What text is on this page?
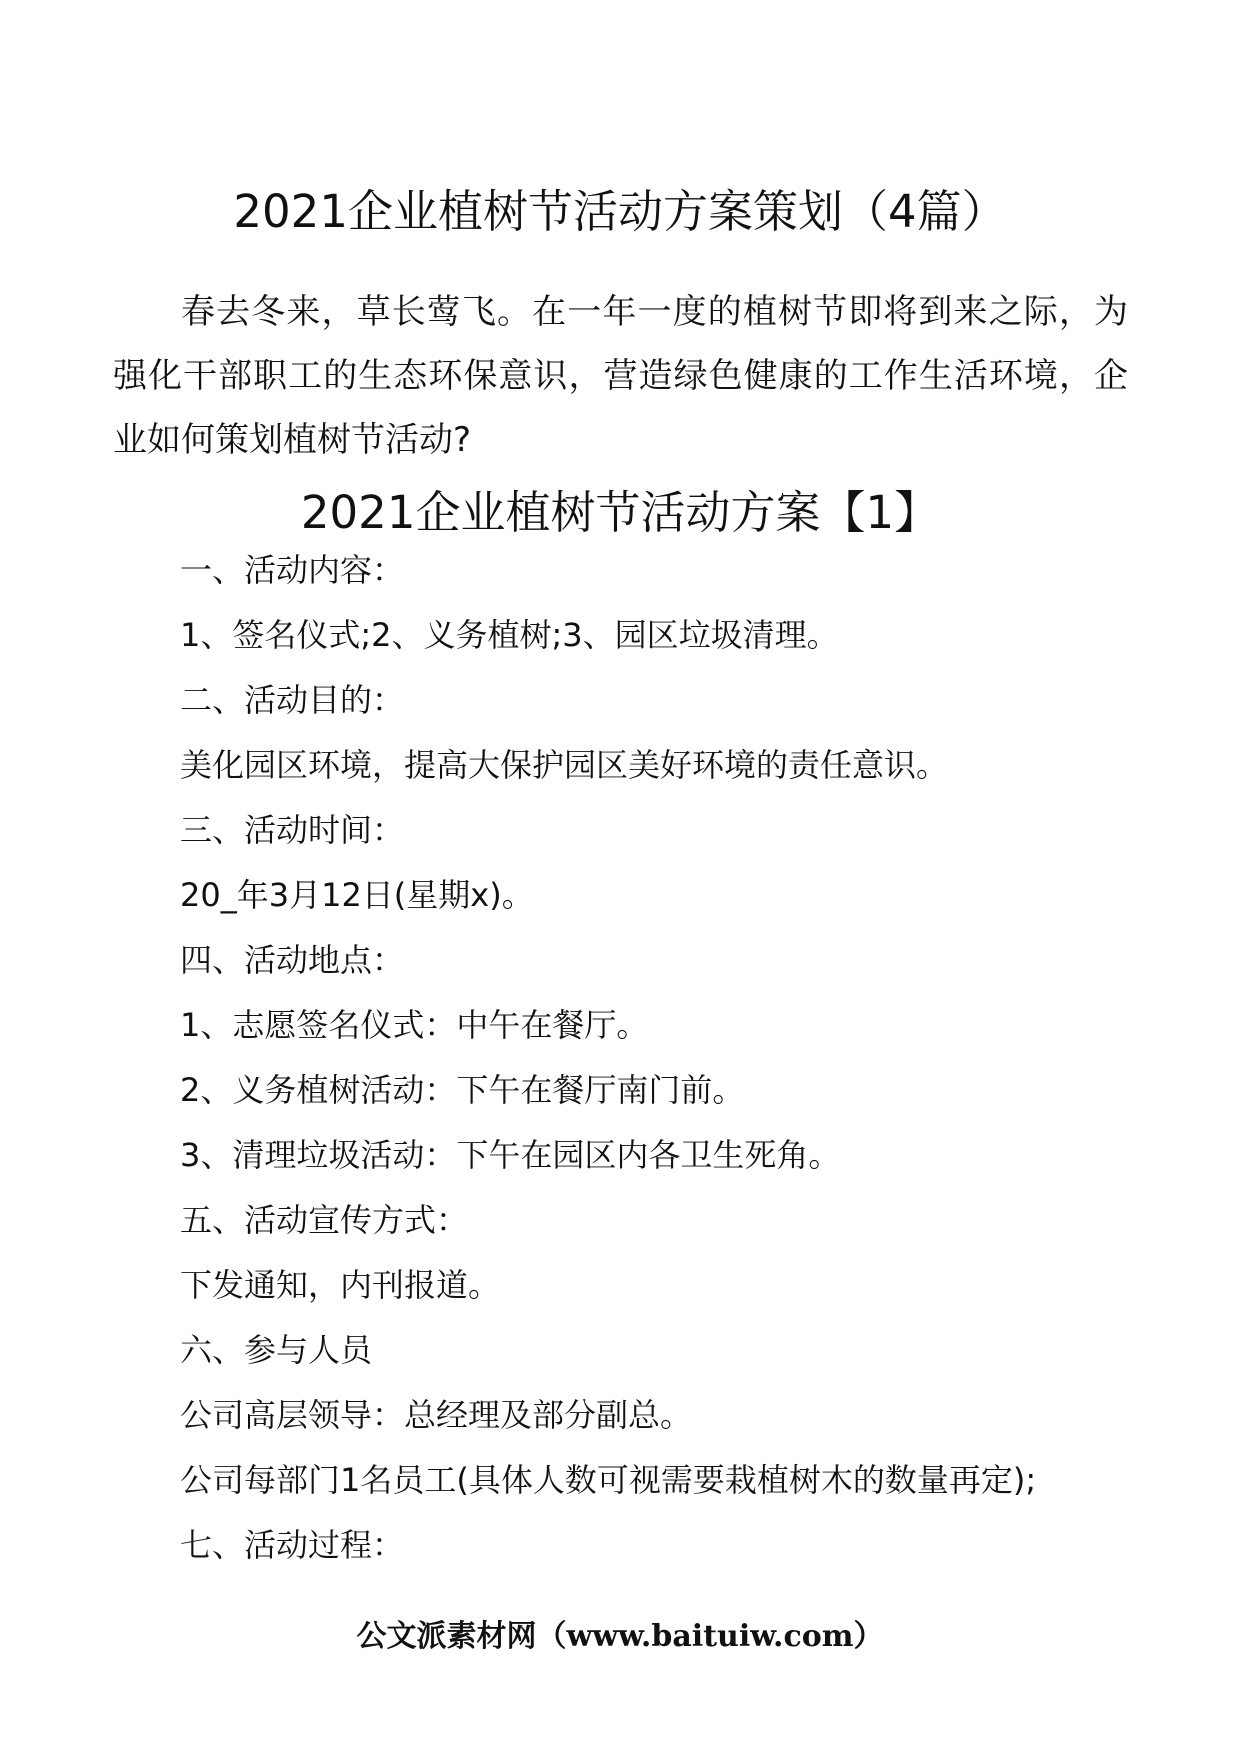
2021企业植树节活动方案策划（4篇）

春去冬来，草长莺飞。在一年一度的植树节即将到来之际，为强化干部职工的生态环保意识，营造绿色健康的工作生活环境，企业如何策划植树节活动?

2021企业植树节活动方案【1】
一、活动内容：
1、签名仪式;2、义务植树;3、园区垃圾清理。
二、活动目的：
美化园区环境，提高大保护园区美好环境的责任意识。
三、活动时间：
20_年3月12日(星期x)。
四、活动地点：
1、志愿签名仪式：中午在餐厅。
2、义务植树活动：下午在餐厅南门前。
3、清理垃圾活动：下午在园区内各卫生死角。
五、活动宣传方式：
下发通知，内刊报道。
六、参与人员
公司高层领导：总经理及部分副总。
公司每部门1名员工(具体人数可视需要栽植树木的数量再定);
七、活动过程：
公文派素材网（www.baituiw.com）
